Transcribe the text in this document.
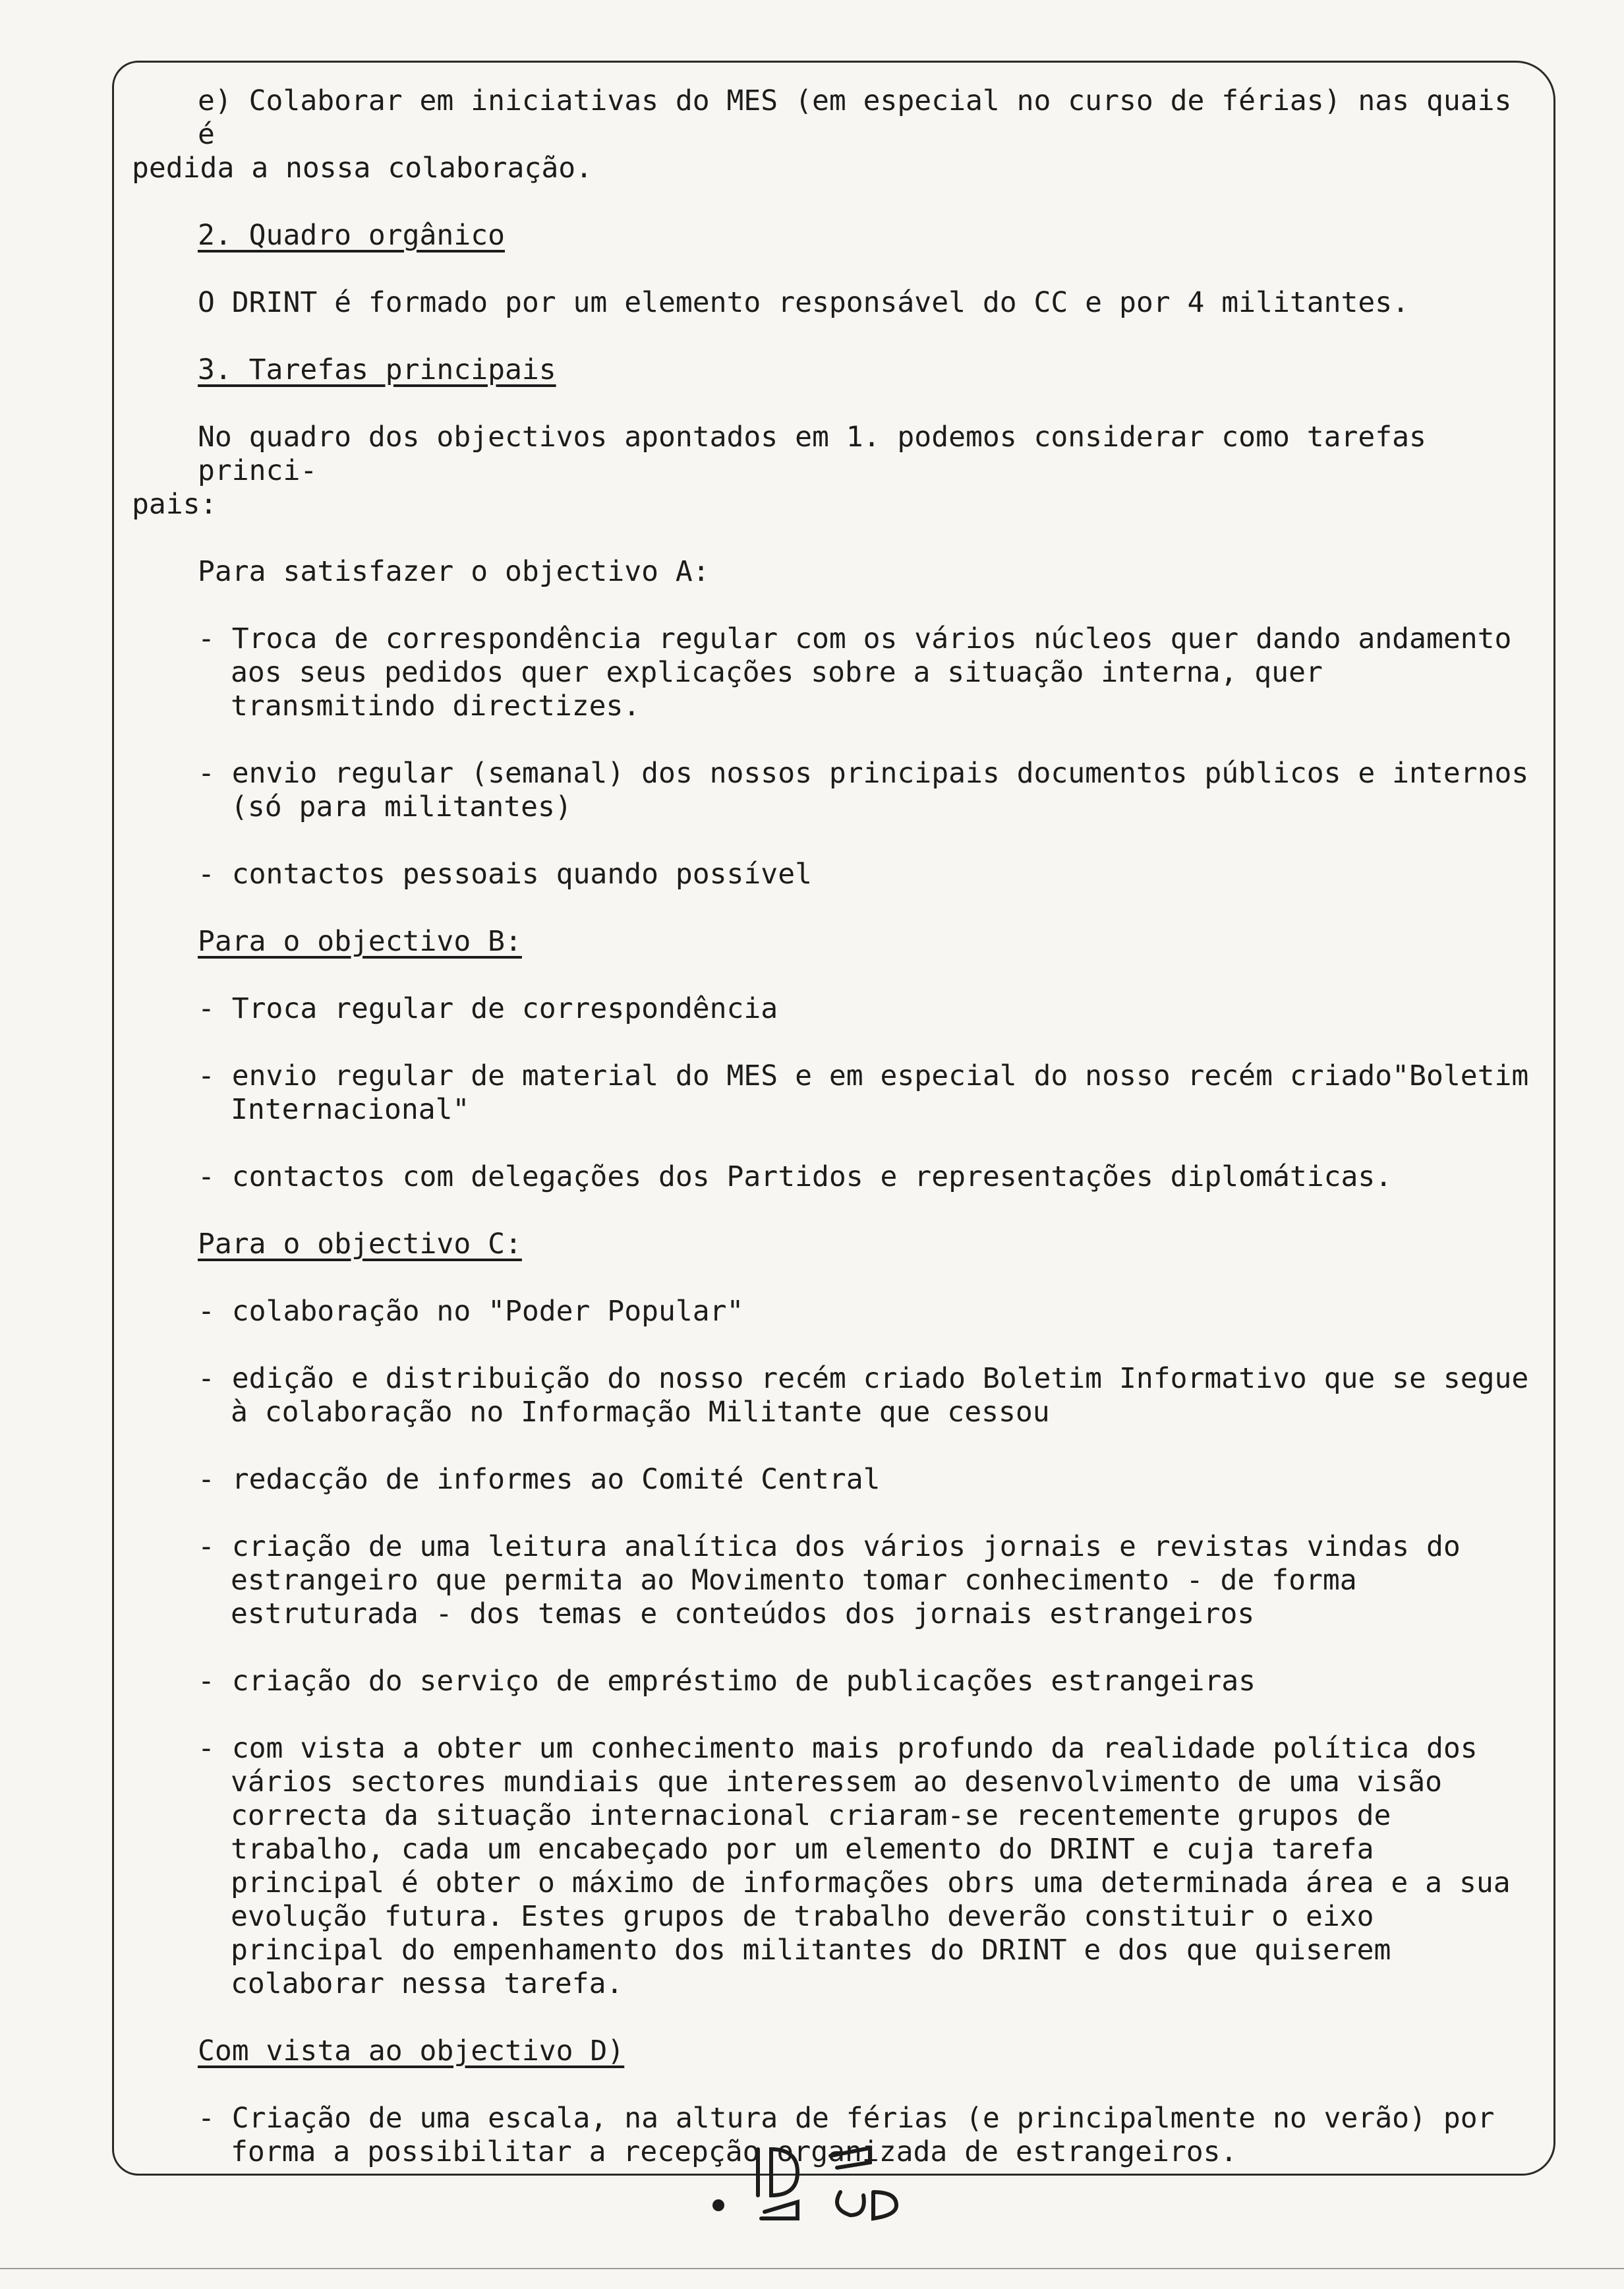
e) Colaborar em iniciativas do MES (em especial no curso de férias) nas quais é

pedida a nossa colaboração.

2. Quadro orgânico

O DRINT é formado por um elemento responsável do CC e por 4 militantes.

3. Tarefas principais

No quadro dos objectivos apontados em 1. podemos considerar como tarefas princi-

pais:

Para satisfazer o objectivo A:

- Troca de correspondência regular com os vários núcleos quer dando andamento aos seus pedidos quer explicações sobre a situação interna, quer transmitindo directizes.

- envio regular (semanal) dos nossos principais documentos públicos e internos (só para militantes)

- contactos pessoais quando possível

Para o objectivo B:

- Troca regular de correspondência

- envio regular de material do MES e em especial do nosso recém criado"Boletim Internacional"

- contactos com delegações dos Partidos e representações diplomáticas.

Para o objectivo C:

- colaboração no "Poder Popular"

- edição e distribuição do nosso recém criado Boletim Informativo que se segue à colaboração no Informação Militante que cessou

- redacção de informes ao Comité Central

- criação de uma leitura analítica dos vários jornais e revistas vindas do estrangeiro que permita ao Movimento tomar conhecimento - de forma estruturada - dos temas e conteúdos dos jornais estrangeiros

- criação do serviço de empréstimo de publicações estrangeiras

- com vista a obter um conhecimento mais profundo da realidade política dos vários sectores mundiais que interessem ao desenvolvimento de uma visão correcta da situação internacional criaram-se recentemente grupos de trabalho, cada um encabeçado por um elemento do DRINT e cuja tarefa principal é obter o máximo de informações obrs uma determinada área e a sua evolução futura. Estes grupos de trabalho deverão constituir o eixo principal do empenhamento dos militantes do DRINT e dos que quiserem colaborar nessa tarefa.

Com vista ao objectivo D)

- Criação de uma escala, na altura de férias (e principalmente no verão) por forma a possibilitar a recepção organizada de estrangeiros.
